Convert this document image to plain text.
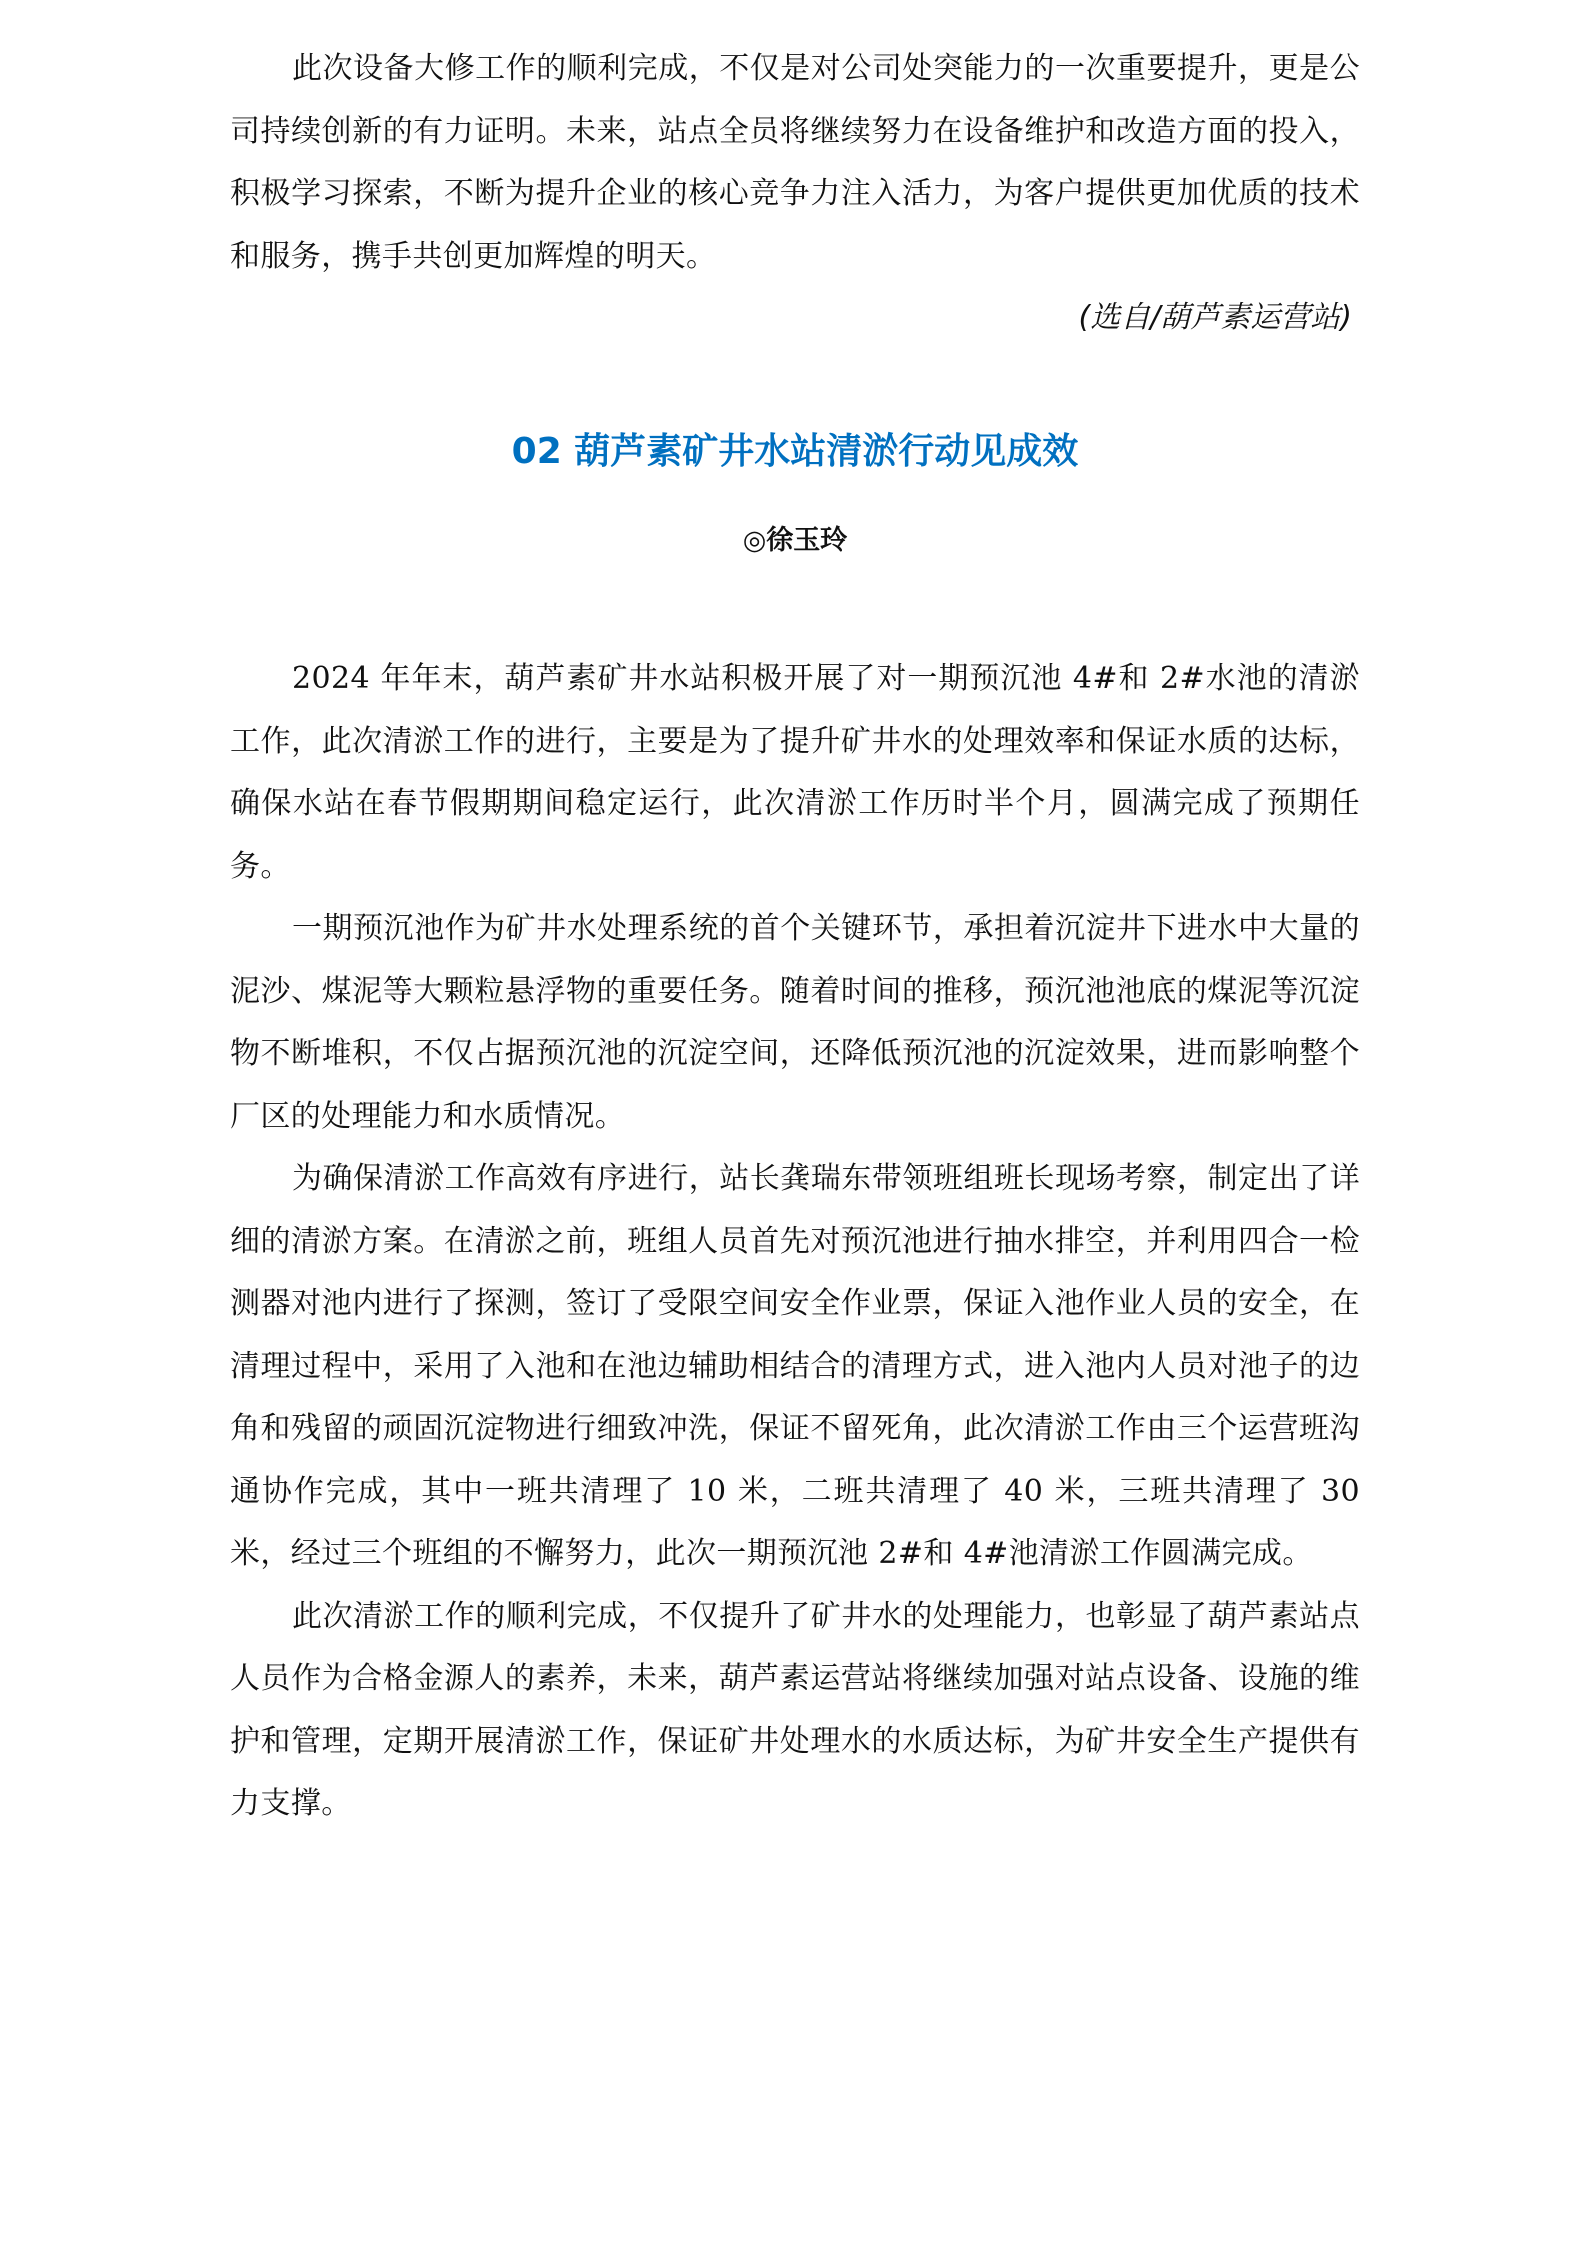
此次设备大修工作的顺利完成，不仅是对公司处突能力的一次重要提升，更是公司持续创新的有力证明。未来，站点全员将继续努力在设备维护和改造方面的投入，积极学习探索，不断为提升企业的核心竞争力注入活力，为客户提供更加优质的技术和服务，携手共创更加辉煌的明天。

(选自/葫芦素运营站)

02 葫芦素矿井水站清淤行动见成效
◎徐玉玲

2024 年年末，葫芦素矿井水站积极开展了对一期预沉池 4#和 2#水池的清淤工作，此次清淤工作的进行，主要是为了提升矿井水的处理效率和保证水质的达标，确保水站在春节假期期间稳定运行，此次清淤工作历时半个月，圆满完成了预期任务。

一期预沉池作为矿井水处理系统的首个关键环节，承担着沉淀井下进水中大量的泥沙、煤泥等大颗粒悬浮物的重要任务。随着时间的推移，预沉池池底的煤泥等沉淀物不断堆积，不仅占据预沉池的沉淀空间，还降低预沉池的沉淀效果，进而影响整个厂区的处理能力和水质情况。

为确保清淤工作高效有序进行，站长龚瑞东带领班组班长现场考察，制定出了详细的清淤方案。在清淤之前，班组人员首先对预沉池进行抽水排空，并利用四合一检测器对池内进行了探测，签订了受限空间安全作业票，保证入池作业人员的安全，在清理过程中，采用了入池和在池边辅助相结合的清理方式，进入池内人员对池子的边角和残留的顽固沉淀物进行细致冲洗，保证不留死角，此次清淤工作由三个运营班沟通协作完成，其中一班共清理了 10 米，二班共清理了 40 米，三班共清理了 30 米，经过三个班组的不懈努力，此次一期预沉池 2#和 4#池清淤工作圆满完成。

此次清淤工作的顺利完成，不仅提升了矿井水的处理能力，也彰显了葫芦素站点人员作为合格金源人的素养，未来，葫芦素运营站将继续加强对站点设备、设施的维护和管理，定期开展清淤工作，保证矿井处理水的水质达标，为矿井安全生产提供有力支撑。
